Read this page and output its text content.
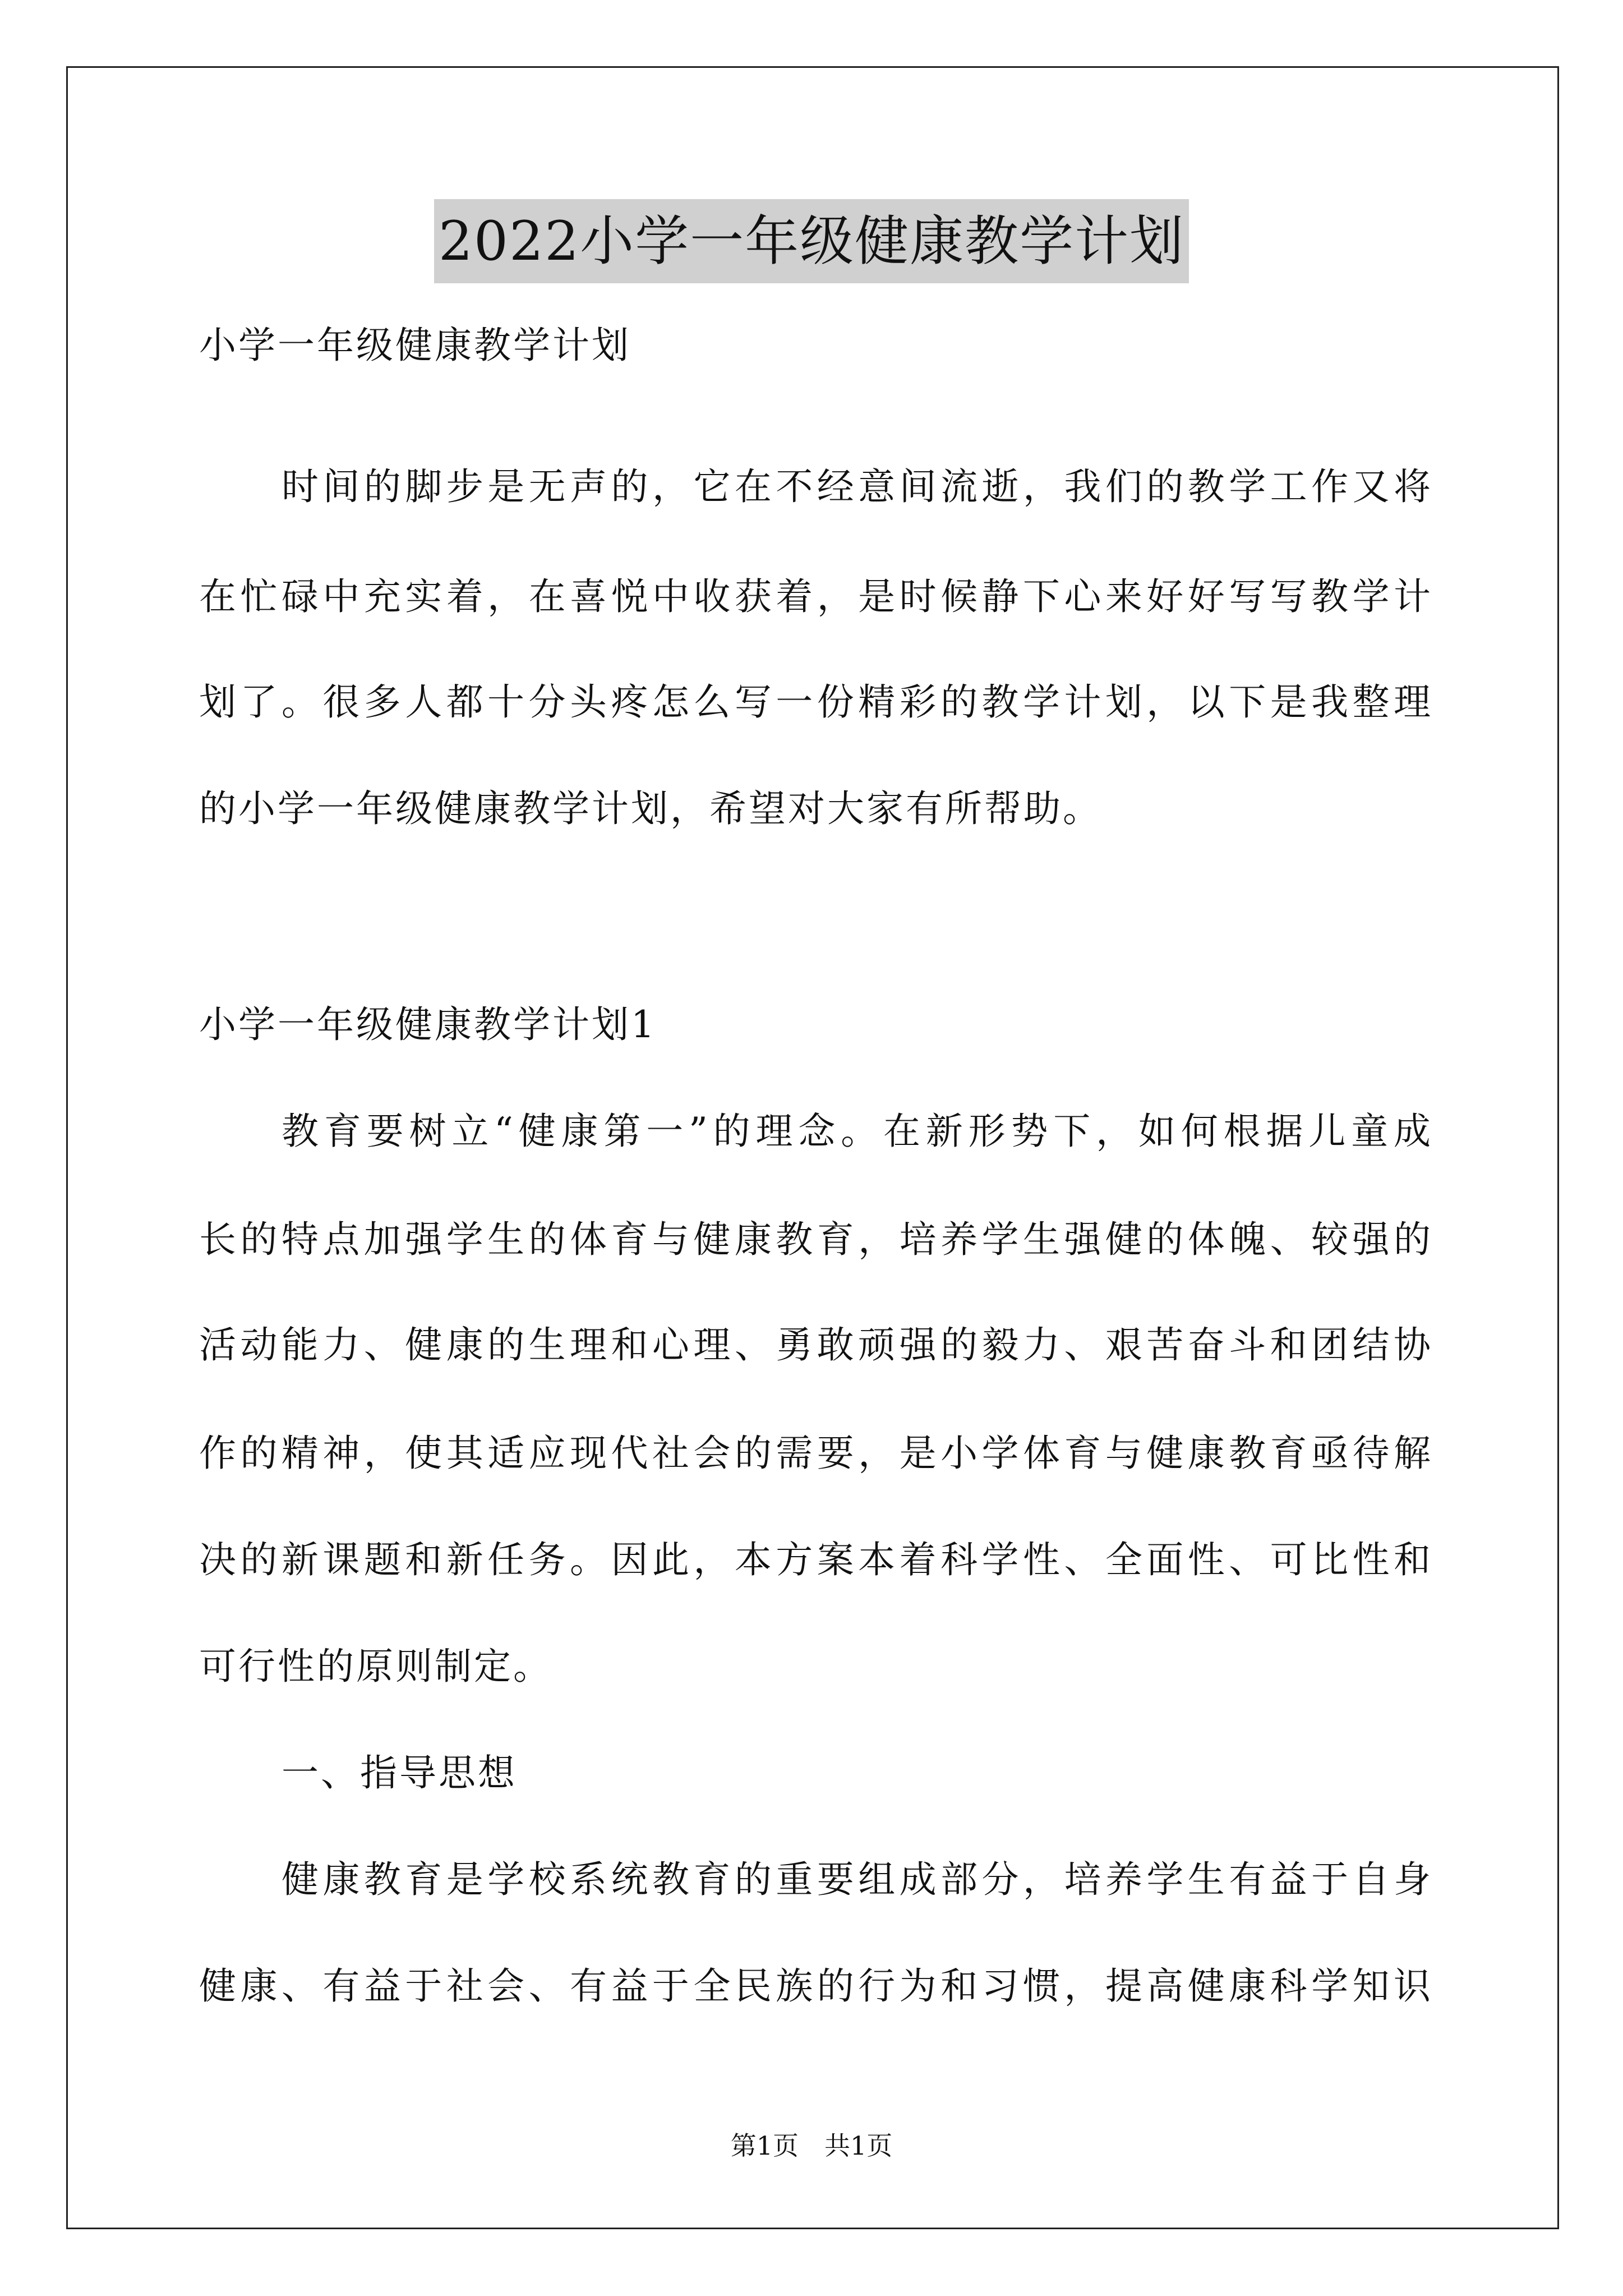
2022小学一年级健康教学计划
小学一年级健康教学计划
时间的脚步是无声的，它在不经意间流逝，我们的教学工作又将
在忙碌中充实着，在喜悦中收获着，是时候静下心来好好写写教学计
划了。很多人都十分头疼怎么写一份精彩的教学计划，以下是我整理
的小学一年级健康教学计划，希望对大家有所帮助。
小学一年级健康教学计划1
教育要树立“健康第一”的理念。在新形势下，如何根据儿童成
长的特点加强学生的体育与健康教育，培养学生强健的体魄、较强的
活动能力、健康的生理和心理、勇敢顽强的毅力、艰苦奋斗和团结协
作的精神，使其适应现代社会的需要，是小学体育与健康教育亟待解
决的新课题和新任务。因此，本方案本着科学性、全面性、可比性和
可行性的原则制定。
一、指导思想
健康教育是学校系统教育的重要组成部分，培养学生有益于自身
健康、有益于社会、有益于全民族的行为和习惯，提高健康科学知识
第1页　共1页
